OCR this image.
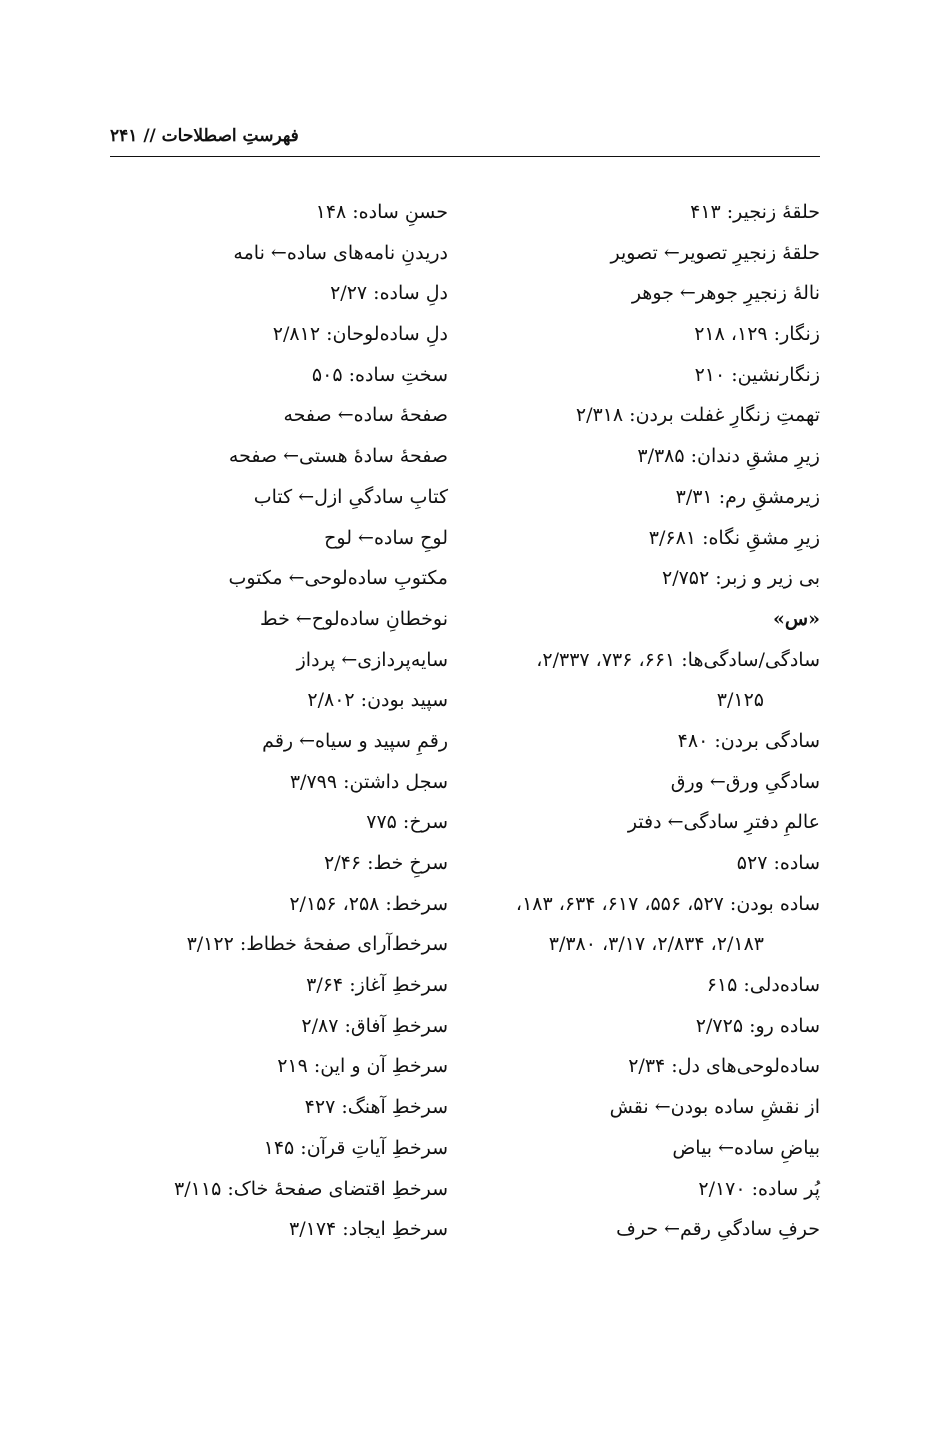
فهرستِ اصطلاحات // ۲۴۱
حلقهٔ زنجیر: ۴۱۳
حلقهٔ زنجیرِ تصویر← تصویر
نالهٔ زنجیرِ جوهر← جوهر
زنگار: ۱۲۹، ۲۱۸
زنگارنشین: ۲۱۰
تهمتِ زنگارِ غفلت بردن: ۲/۳۱۸
زیرِ مشقِ دندان: ۳/۳۸۵
زیرمشقِ رم: ۳/۳۱
زیرِ مشقِ نگاه: ۳/۶۸۱
بی زیر و زبر: ۲/۷۵۲
«س»
سادگی/سادگی‌ها: ۶۶۱، ۷۳۶، ۲/۳۳۷،
۳/۱۲۵
سادگی بردن: ۴۸۰
سادگیِ ورق← ورق
عالمِ دفترِ سادگی← دفتر
ساده: ۵۲۷
ساده بودن: ۵۲۷، ۵۵۶، ۶۱۷، ۶۳۴، ۱۸۳،
۲/۱۸۳، ۲/۸۳۴، ۳/۱۷، ۳/۳۸۰
ساده‌دلی: ۶۱۵
ساده رو: ۲/۷۲۵
ساده‌لوحی‌های دل: ۲/۳۴
از نقشِ ساده بودن← نقش
بیاضِ ساده← بیاض
پُر ساده: ۲/۱۷۰
حرفِ سادگیِ رقم← حرف
حسنِ ساده: ۱۴۸
دریدنِ نامه‌های ساده← نامه
دلِ ساده: ۲/۲۷
دلِ ساده‌لوحان: ۲/۸۱۲
سختِ ساده: ۵۰۵
صفحهٔ ساده← صفحه
صفحهٔ سادهٔ هستی← صفحه
کتابِ سادگیِ ازل← کتاب
لوحِ ساده← لوح
مکتوبِ ساده‌لوحی← مکتوب
نوخطانِ ساده‌لوح← خط
سایه‌پردازی← پرداز
سپید بودن: ۲/۸۰۲
رقمِ سپید و سیاه← رقم
سجل داشتن: ۳/۷۹۹
سرخ: ۷۷۵
سرخِ خط: ۲/۴۶
سرخط: ۲۵۸، ۲/۱۵۶
سرخط‌آرای صفحهٔ خطاط: ۳/۱۲۲
سرخطِ آغاز: ۳/۶۴
سرخطِ آفاق: ۲/۸۷
سرخطِ آن و این: ۲۱۹
سرخطِ آهنگ: ۴۲۷
سرخطِ آیاتِ قرآن: ۱۴۵
سرخطِ اقتضای صفحهٔ خاک: ۳/۱۱۵
سرخطِ ایجاد: ۳/۱۷۴
